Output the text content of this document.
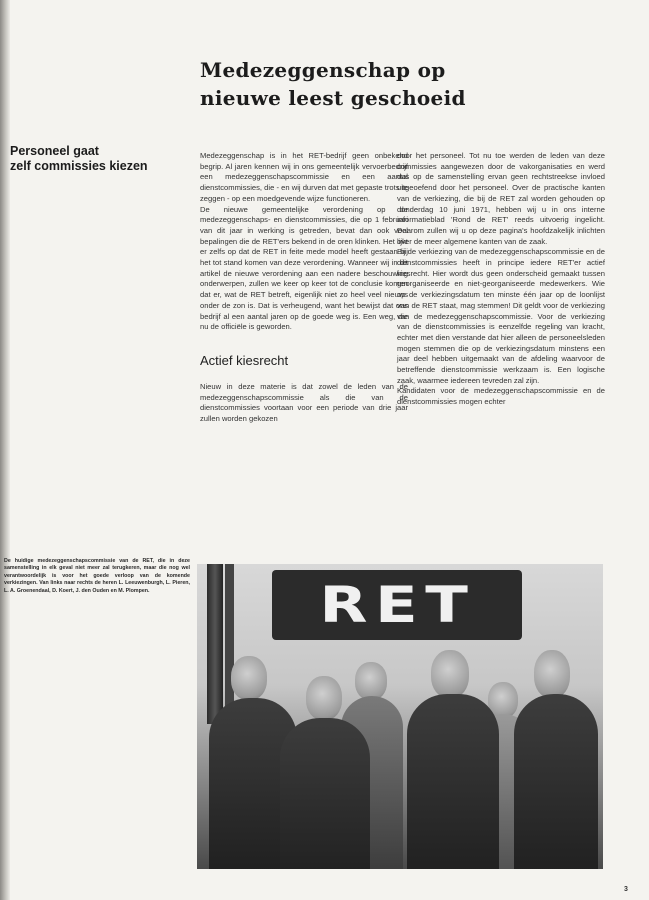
Medezeggenschap op
nieuwe leest geschoeid
Personeel gaat
zelf commissies kiezen

Medezeggenschap is in het RET-bedrijf geen onbekend begrip. Al jaren kennen wij in ons gemeentelijk vervoerbedrijf een medezeggenschapscommissie en een aantal dienstcommissies, die - en wij durven dat met gepaste trots te zeggen - op een moedgevende wijze functioneren.

De nieuwe gemeentelijke verordening op de medezeggenschaps- en dienstcommissies, die op 1 februari van dit jaar in werking is getreden, bevat dan ook veel bepalingen die de RET'ers bekend in de oren klinken. Het lijkt er zelfs op dat de RET in feite mede model heeft gestaan bij het tot stand komen van deze verordening. Wanneer wij in dit artikel de nieuwe verordening aan een nadere beschouwing onderwerpen, zullen we keer op keer tot de conclusie komen dat er, wat de RET betreft, eigenlijk niet zo heel veel nieuws onder de zon is. Dat is verheugend, want het bewijst dat ons bedrijf al een aantal jaren op de goede weg is. Een weg, die nu de officiële is geworden.

Actief kiesrecht

Nieuw in deze materie is dat zowel de leden van de medezeggenschapscommissie als die van de dienstcommissies voortaan voor een periode van drie jaar zullen worden gekozen

door het personeel. Tot nu toe werden de leden van deze commissies aangewezen door de vakorganisaties en werd dus op de samenstelling ervan geen rechtstreekse invloed uitgeoefend door het personeel. Over de practische kanten van de verkiezing, die bij de RET zal worden gehouden op donderdag 10 juni 1971, hebben wij u in ons interne informatieblad 'Rond de RET' reeds uitvoerig ingelicht. Daarom zullen wij u op deze pagina's hoofdzakelijk inlichten over de meer algemene kanten van de zaak.

Bij de verkiezing van de medezeggenschapscommissie en de dienstcommissies heeft in principe iedere RET'er actief kiesrecht. Hier wordt dus geen onderscheid gemaakt tussen georganiseerde en niet-georganiseerde medewerkers. Wie op de verkiezingsdatum ten minste één jaar op de loonlijst van de RET staat, mag stemmen! Dit geldt voor de verkiezing van de medezeggenschapscommissie. Voor de verkiezing van de dienstcommissies is eenzelfde regeling van kracht, echter met dien verstande dat hier alleen de personeelsleden mogen stemmen die op de verkiezingsdatum minstens een jaar deel hebben uitgemaakt van de afdeling waarvoor de betreffende dienstcommissie werkzaam is. Een logische zaak, waarmee iedereen tevreden zal zijn.

Kandidaten voor de medezeggenschapscommissie en de dienstcommissies mogen echter

De huidige medezeggenschapscommissie van de RET, die in deze samenstelling in elk geval niet meer zal terugkeren, maar die nog wel verantwoordelijk is voor het goede verloop van de komende verkiezingen. Van links naar rechts de heren L. Leeuwenburgh, L. Pieren, L. A. Groenendaal, D. Koert, J. den Ouden en M. Plompen.	RET
3
